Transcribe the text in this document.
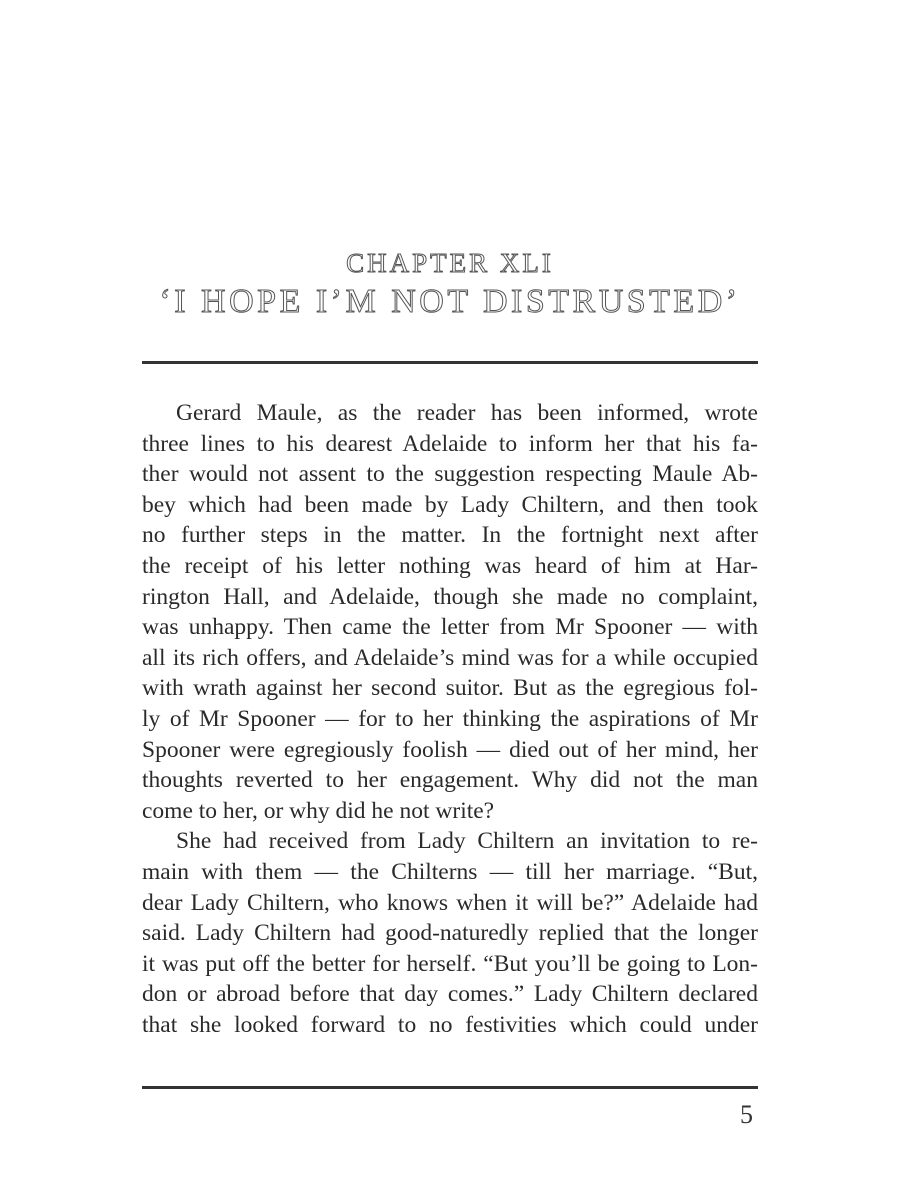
CHAPTER XLI
‘I HOPE I’M NOT DISTRUSTED’
Gerard Maule, as the reader has been informed, wrote
three lines to his dearest Adelaide to inform her that his fa-
ther would not assent to the suggestion respecting Maule Ab-
bey which had been made by Lady Chiltern, and then took
no further steps in the matter. In the fortnight next after
the receipt of his letter nothing was heard of him at Har-
rington Hall, and Adelaide, though she made no complaint,
was unhappy. Then came the letter from Mr Spooner — with
all its rich offers, and Adelaide’s mind was for a while occupied
with wrath against her second suitor. But as the egregious fol-
ly of Mr Spooner — for to her thinking the aspirations of Mr
Spooner were egregiously foolish — died out of her mind, her
thoughts reverted to her engagement. Why did not the man
come to her, or why did he not write?
She had received from Lady Chiltern an invitation to re-
main with them — the Chilterns — till her marriage. “But,
dear Lady Chiltern, who knows when it will be?” Adelaide had
said. Lady Chiltern had good-naturedly replied that the longer
it was put off the better for herself. “But you’ll be going to Lon-
don or abroad before that day comes.” Lady Chiltern declared
that she looked forward to no festivities which could under
5
